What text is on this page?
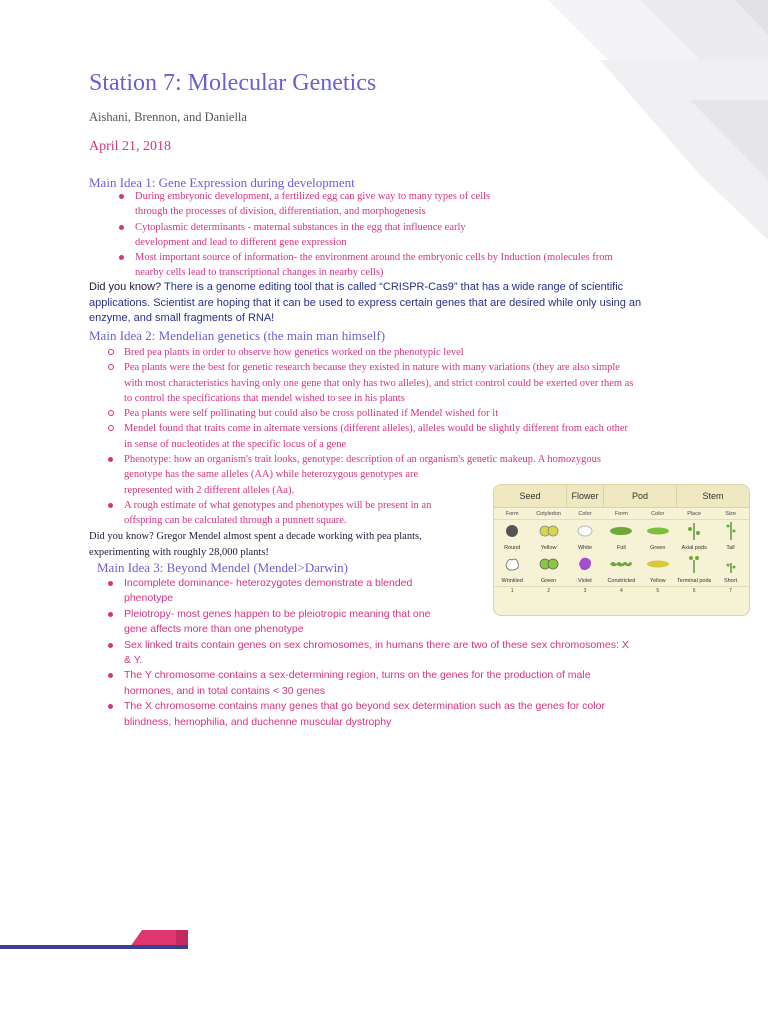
Station 7: Molecular Genetics
Aishani, Brennon, and Daniella
April 21, 2018
Main Idea 1: Gene Expression during development
During embryonic development, a fertilized egg can give way to many types of cells
through the processes of division, differentiation, and morphogenesis
Cytoplasmic determinants - maternal substances in the egg that influence early
development and lead to different gene expression
Most important source of information- the environment around the embryonic cells by Induction (molecules from
nearby cells lead to transcriptional changes in nearby cells)
Did you know? There is a genome editing tool that is called “CRISPR-Cas9” that has a wide range of scientific
applications. Scientist are hoping that it can be used to express certain genes that are desired while only using an
enzyme, and small fragments of RNA!
Main Idea 2: Mendelian genetics (the main man himself)
Bred pea plants in order to observe how genetics worked on the phenotypic level
Pea plants were the best for genetic research because they existed in nature with many variations (they are also simple
with most characteristics having only one gene that only has two alleles), and strict control could be exerted over them as
to control the specifications that mendel wished to see in his plants
Pea plants were self pollinating but could also be cross pollinated if Mendel wished for it
Mendel found that traits come in alternate versions (different alleles), alleles would be slightly different from each other
in sense of nucleotides at the specific locus of a gene
Phenotype: how an organism's trait looks, genotype: description of an organism's genetic makeup. A homozygous
genotype has the same alleles (AA) while heterozygous genotypes are
represented with 2 different alleles (Aa).
A rough estimate of what genotypes and phenotypes will be present in an
offspring can be calculated through a punnett square.
Did you know? Gregor Mendel almost spent a decade working with pea plants,
experimenting with roughly 28,000 plants!
Main Idea 3: Beyond Mendel (Mendel>Darwin)
Incomplete dominance- heterozygotes demonstrate a blended
phenotype
Pleiotropy- most genes happen to be pleiotropic meaning that one
gene affects more than one phenotype
Sex linked traits contain genes on sex chromosomes, in humans there are two of these sex chromosomes: X
& Y.
The Y chromosome contains a sex-determining region, turns on the genes for the production of male
hormones, and in total contains < 30 genes
The X chromosome contains many genes that go beyond sex determination such as the genes for color
blindness, hemophilia, and duchenne muscular dystrophy
Seed	Flower	Pod	Stem
Form	Cotyledon	Color	Form	Color	Place	Size
Round	Yellow	White	Full	Green	Axial pods	Tall
Wrinkled	Green	Violet	Constricted	Yellow	Terminal pods	Short
1	2	3	4	5	6	7
